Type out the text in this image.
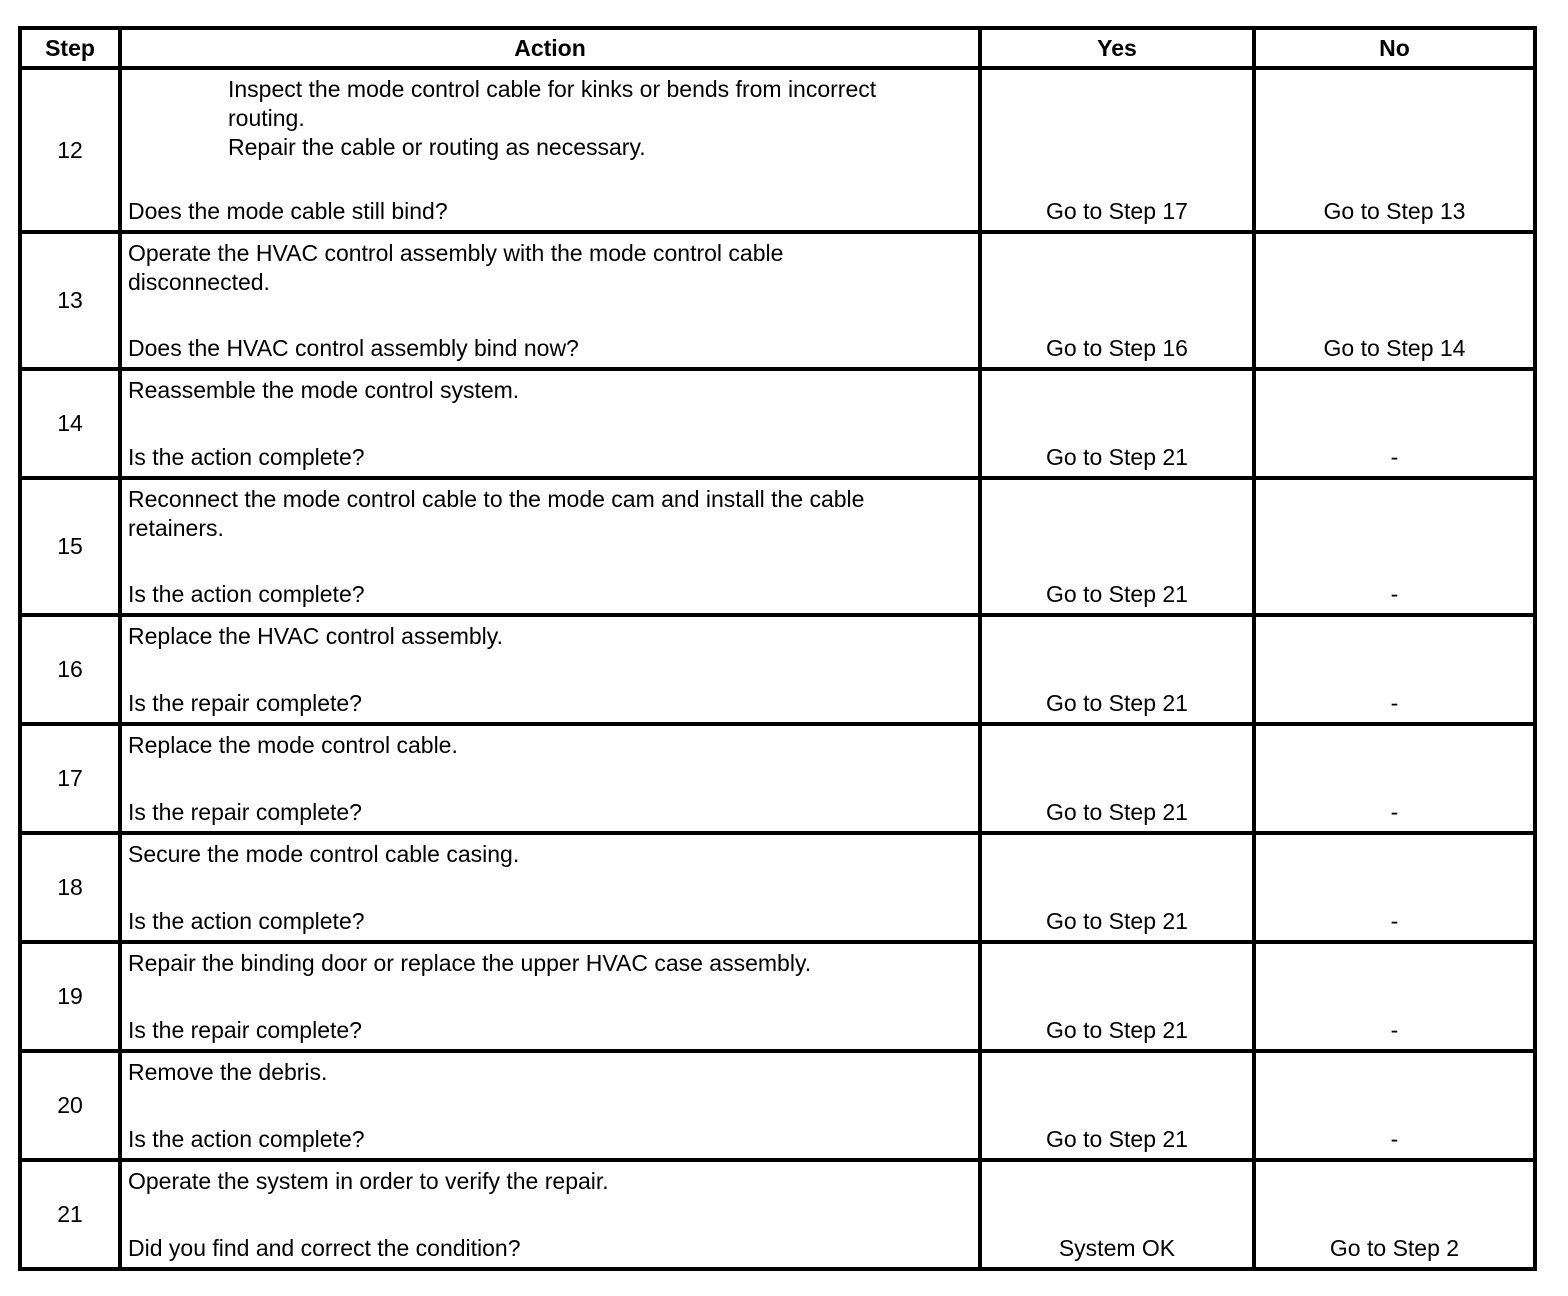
Step	Action	Yes	No
12	Inspect the mode control cable for kinks or bends from incorrect
routing.
Repair the cable or routing as necessary.
Does the mode cable still bind?	Go to Step 17	Go to Step 13

13	Operate the HVAC control assembly with the mode control cable
disconnected.
Does the HVAC control assembly bind now?	Go to Step 16	Go to Step 14

14	Reassemble the mode control system.
Is the action complete?	Go to Step 21	-

15	Reconnect the mode control cable to the mode cam and install the cable
retainers.
Is the action complete?	Go to Step 21	-

16	Replace the HVAC control assembly.
Is the repair complete?	Go to Step 21	-

17	Replace the mode control cable.
Is the repair complete?	Go to Step 21	-

18	Secure the mode control cable casing.
Is the action complete?	Go to Step 21	-

19	Repair the binding door or replace the upper HVAC case assembly.
Is the repair complete?	Go to Step 21	-

20	Remove the debris.
Is the action complete?	Go to Step 21	-

21	Operate the system in order to verify the repair.
Did you find and correct the condition?	System OK	Go to Step 2
